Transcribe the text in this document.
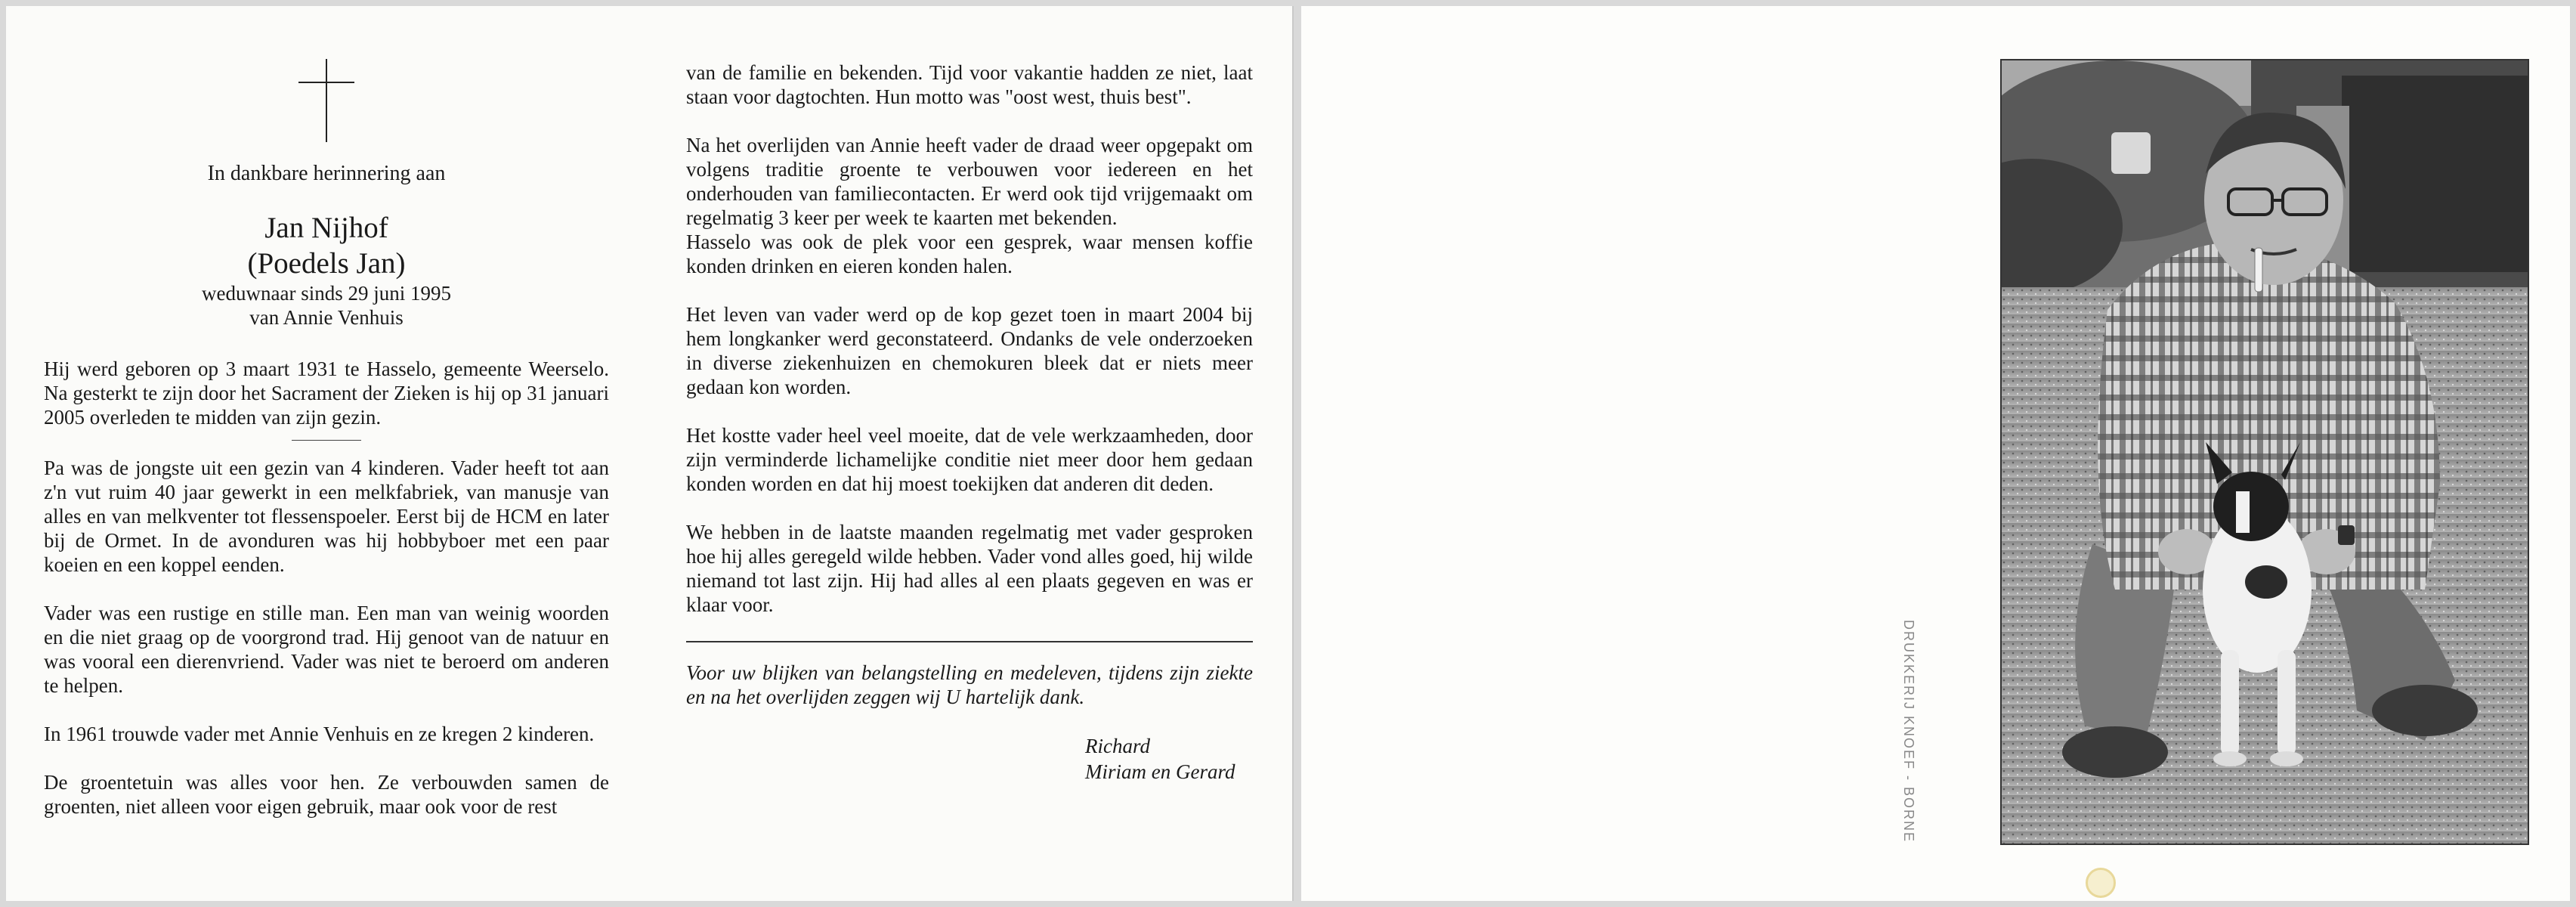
In dankbare herinnering aan

Jan Nijhof

(Poedels Jan)

weduwnaar sinds 29 juni 1995

van Annie Venhuis

Hij werd geboren op 3 maart 1931 te Hasselo, gemeente Weerselo. Na gesterkt te zijn door het Sacrament der Zieken is hij op 31 januari 2005 overleden te midden van zijn gezin.

Pa was de jongste uit een gezin van 4 kinderen. Vader heeft tot aan z'n vut ruim 40 jaar gewerkt in een melkfabriek, van manusje van alles en van melkventer tot flessenspoeler. Eerst bij de HCM en later bij de Ormet. In de avonduren was hij hobbyboer met een paar koeien en een koppel eenden.

Vader was een rustige en stille man. Een man van weinig woorden en die niet graag op de voorgrond trad. Hij genoot van de natuur en was vooral een dierenvriend. Vader was niet te beroerd om anderen te helpen.

In 1961 trouwde vader met Annie Venhuis en ze kregen 2 kinderen.

De groentetuin was alles voor hen. Ze verbouwden samen de groenten, niet alleen voor eigen gebruik, maar ook voor de rest

van de familie en bekenden. Tijd voor vakantie hadden ze niet, laat staan voor dagtochten. Hun motto was "oost west, thuis best".

Na het overlijden van Annie heeft vader de draad weer opgepakt om volgens traditie groente te verbouwen voor iedereen en het onderhouden van familiecontacten. Er werd ook tijd vrijgemaakt om regelmatig 3 keer per week te kaarten met bekenden.

Hasselo was ook de plek voor een gesprek, waar mensen koffie konden drinken en eieren konden halen.

Het leven van vader werd op de kop gezet toen in maart 2004 bij hem longkanker werd geconstateerd. Ondanks de vele onderzoeken in diverse ziekenhuizen en chemokuren bleek dat er niets meer gedaan kon worden.

Het kostte vader heel veel moeite, dat de vele werkzaamheden, door zijn verminderde lichamelijke conditie niet meer door hem gedaan konden worden en dat hij moest toekijken dat anderen dit deden.

We hebben in de laatste maanden regelmatig met vader gesproken hoe hij alles geregeld wilde hebben. Vader vond alles goed, hij wilde niemand tot last zijn. Hij had alles al een plaats gegeven en was er klaar voor.

Voor uw blijken van belangstelling en medeleven, tijdens zijn ziekte en na het overlijden zeggen wij U hartelijk dank.

Richard
Miriam en Gerard	DRUKKERIJ KNOEF - BORNE
